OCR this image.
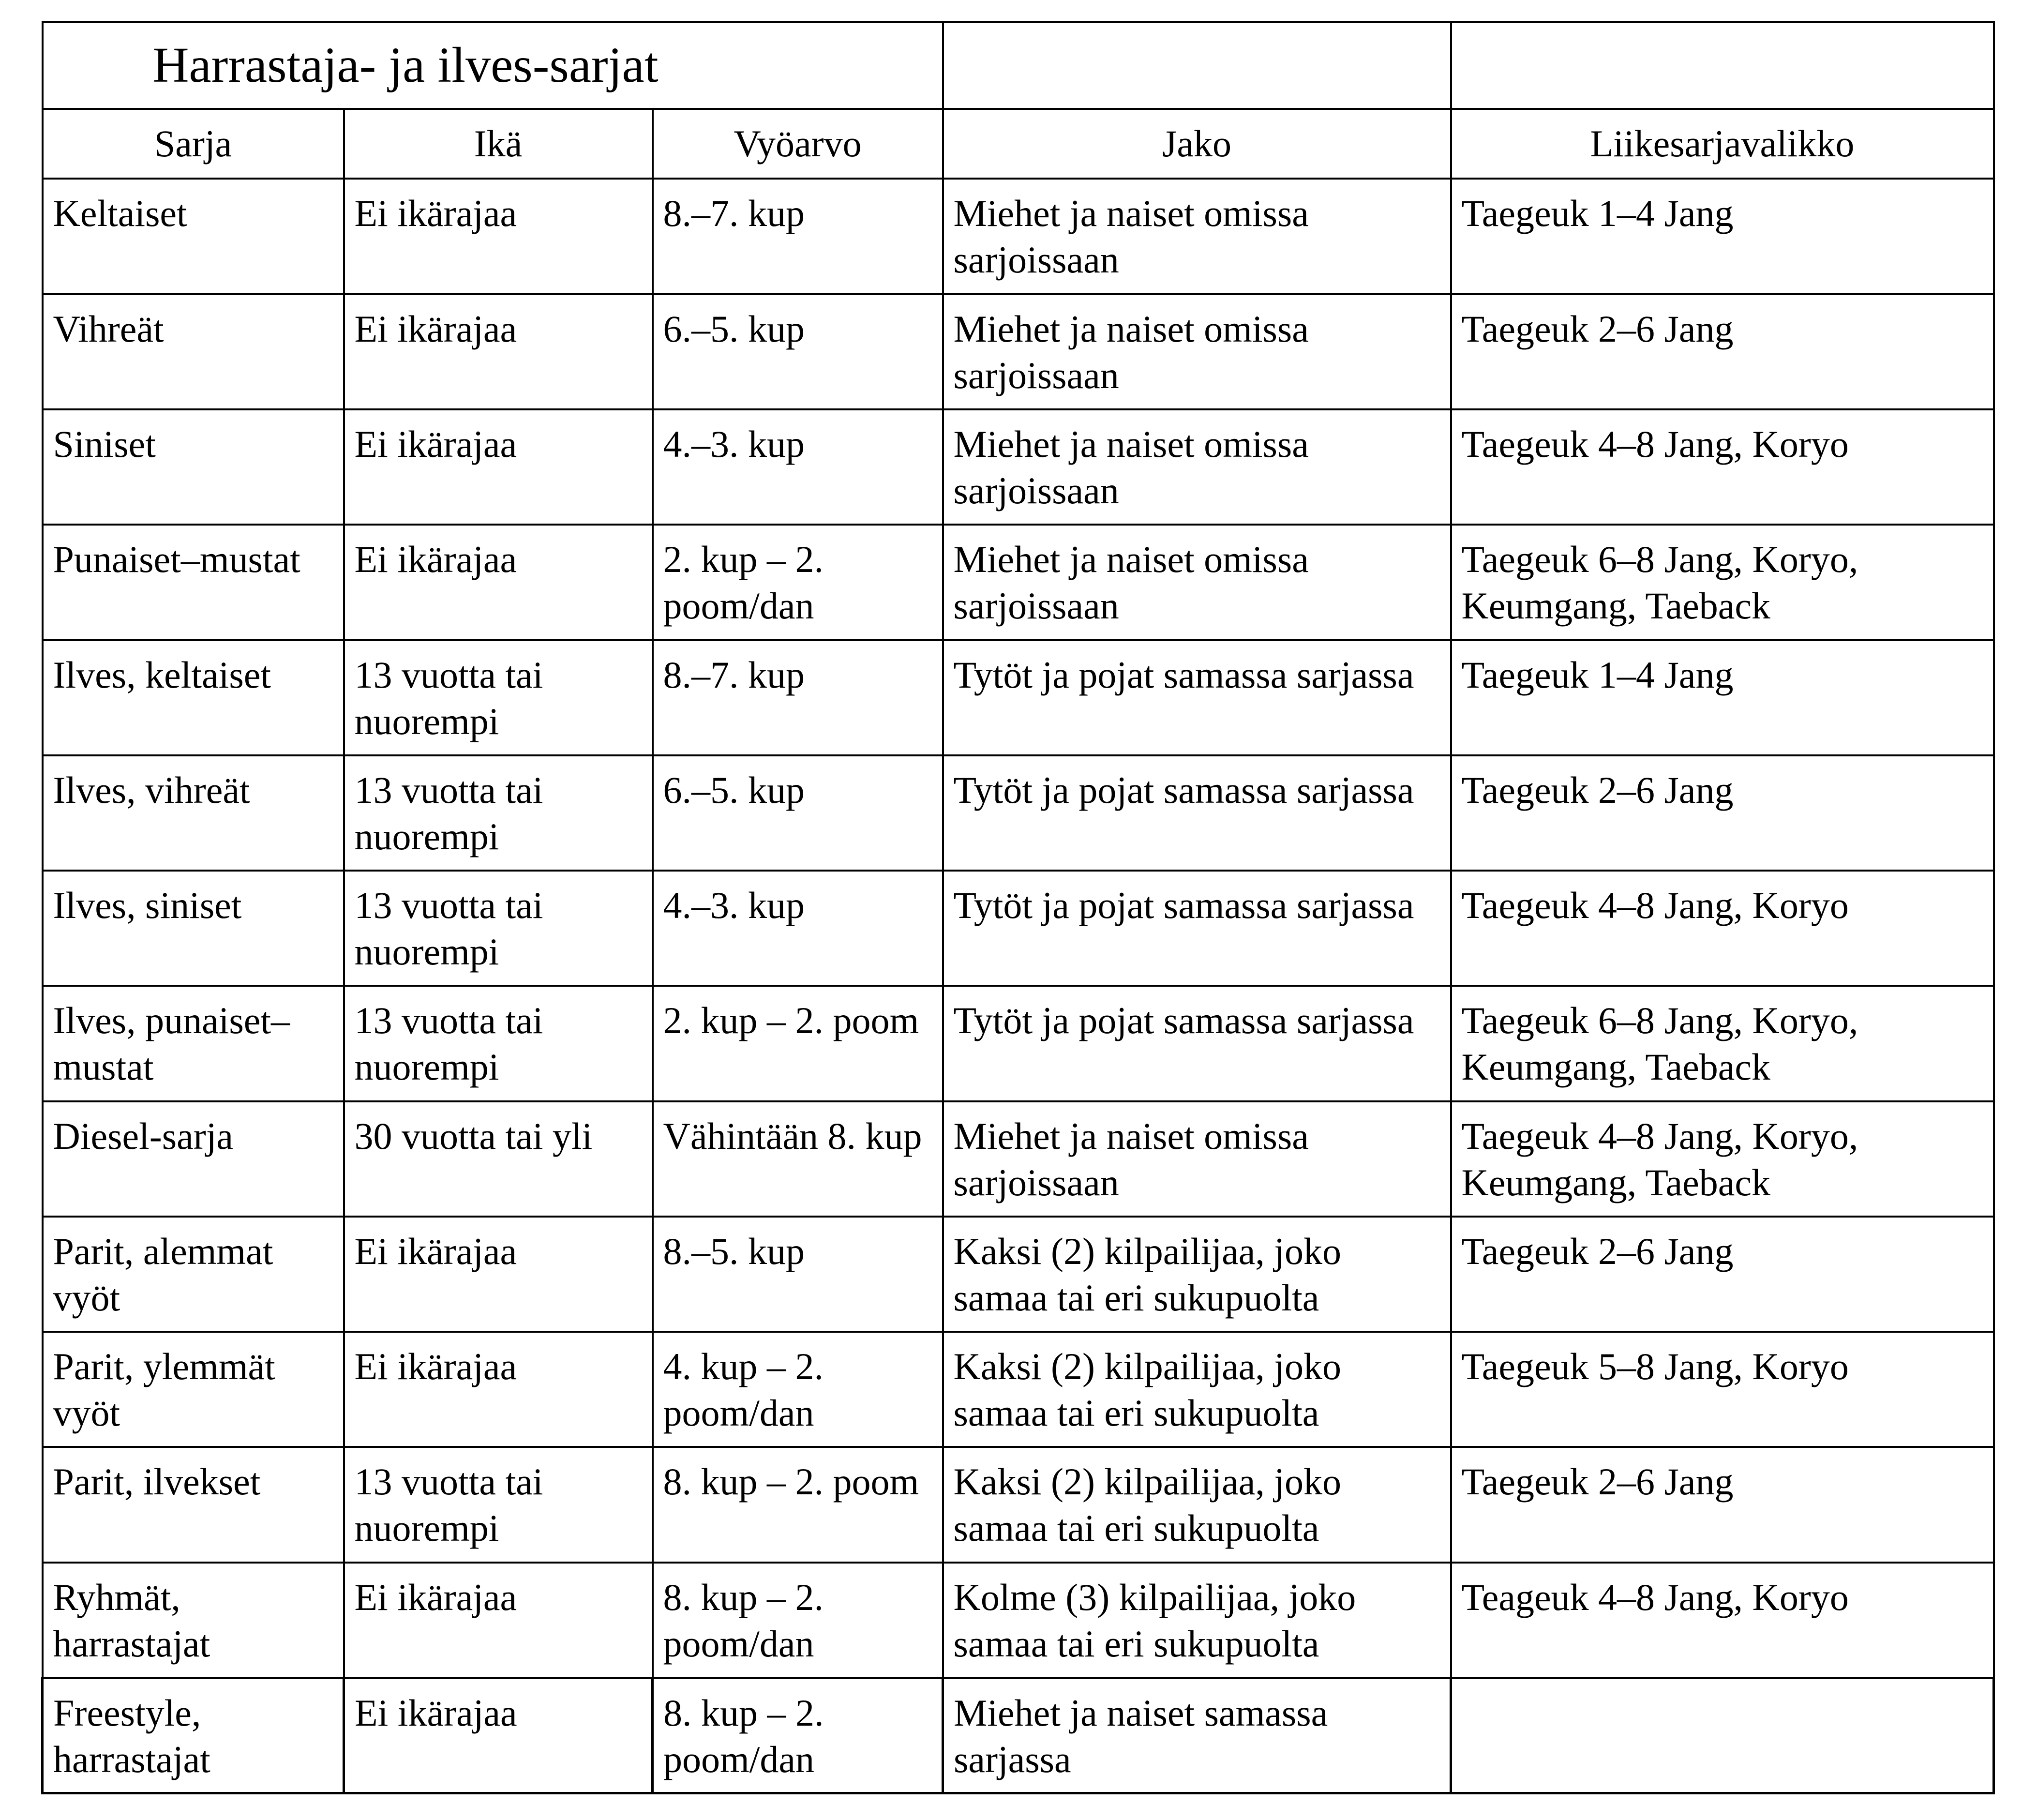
Harrastaja- ja ilves-sarjat				
Sarja	Ikä	Vyöarvo	Jako	Liikesarjavalikko
Keltaiset	Ei ikärajaa	8.–7. kup	Miehet ja naiset omissa sarjoissaan	Taegeuk 1–4 Jang
Vihreät	Ei ikärajaa	6.–5. kup	Miehet ja naiset omissa sarjoissaan	Taegeuk 2–6 Jang
Siniset	Ei ikärajaa	4.–3. kup	Miehet ja naiset omissa sarjoissaan	Taegeuk 4–8 Jang, Koryo
Punaiset–mustat	Ei ikärajaa	2. kup – 2. poom/dan	Miehet ja naiset omissa sarjoissaan	Taegeuk 6–8 Jang, Koryo, Keumgang, Taeback
Ilves, keltaiset	13 vuotta tai nuorempi	8.–7. kup	Tytöt ja pojat samassa sarjassa	Taegeuk 1–4 Jang
Ilves, vihreät	13 vuotta tai nuorempi	6.–5. kup	Tytöt ja pojat samassa sarjassa	Taegeuk 2–6 Jang
Ilves, siniset	13 vuotta tai nuorempi	4.–3. kup	Tytöt ja pojat samassa sarjassa	Taegeuk 4–8 Jang, Koryo
Ilves, punaiset–mustat	13 vuotta tai nuorempi	2. kup – 2. poom	Tytöt ja pojat samassa sarjassa	Taegeuk 6–8 Jang, Koryo, Keumgang, Taeback
Diesel-sarja	30 vuotta tai yli	Vähintään 8. kup	Miehet ja naiset omissa sarjoissaan	Taegeuk 4–8 Jang, Koryo, Keumgang, Taeback
Parit, alemmat vyöt	Ei ikärajaa	8.–5. kup	Kaksi (2) kilpailijaa, joko samaa tai eri sukupuolta	Taegeuk 2–6 Jang
Parit, ylemmät vyöt	Ei ikärajaa	4. kup – 2. poom/dan	Kaksi (2) kilpailijaa, joko samaa tai eri sukupuolta	Taegeuk 5–8 Jang, Koryo
Parit, ilvekset	13 vuotta tai nuorempi	8. kup – 2. poom	Kaksi (2) kilpailijaa, joko samaa tai eri sukupuolta	Taegeuk 2–6 Jang
Ryhmät, harrastajat	Ei ikärajaa	8. kup – 2. poom/dan	Kolme (3) kilpailijaa, joko samaa tai eri sukupuolta	Teageuk 4–8 Jang, Koryo
Freestyle, harrastajat	Ei ikärajaa	8. kup – 2. poom/dan	Miehet ja naiset samassa sarjassa	
